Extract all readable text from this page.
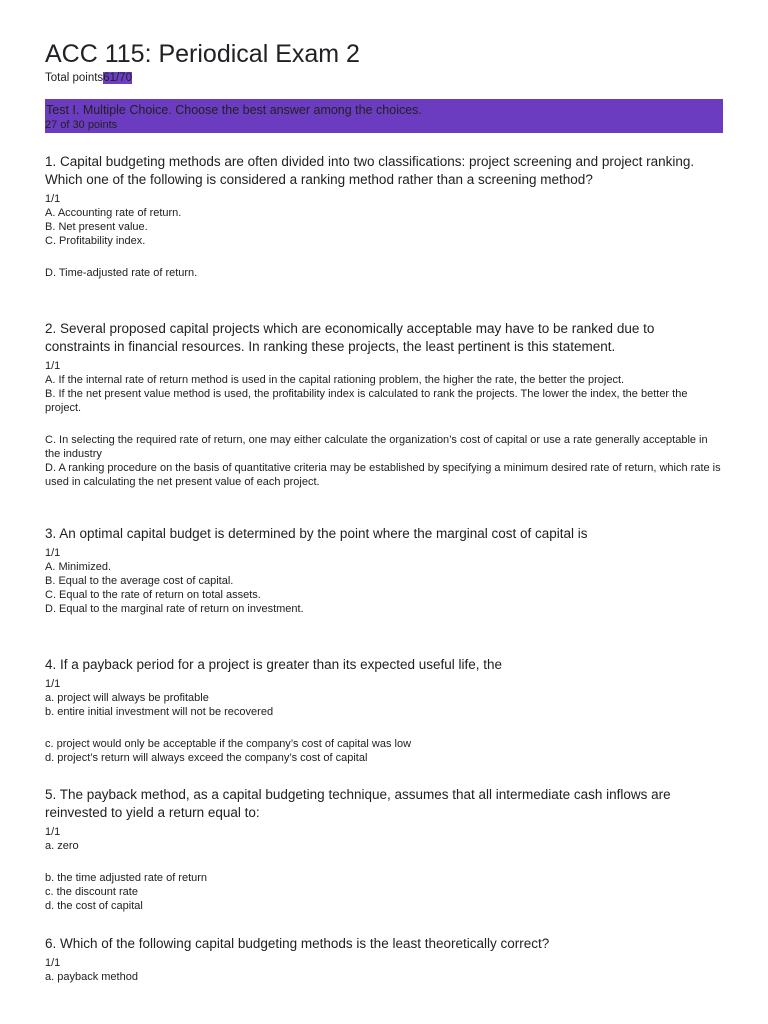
ACC 115: Periodical Exam 2
Total points61/70
Test I. Multiple Choice. Choose the best answer among the choices.
27 of 30 points

1. Capital budgeting methods are often divided into two classifications: project screening and project ranking. Which one of the following is considered a ranking method rather than a screening method?

1/1
A. Accounting rate of return.
B. Net present value.
C. Profitability index.
D. Time-adjusted rate of return.

2. Several proposed capital projects which are economically acceptable may have to be ranked due to constraints in financial resources. In ranking these projects, the least pertinent is this statement.

1/1
A. If the internal rate of return method is used in the capital rationing problem, the higher the rate, the better the project.
B. If the net present value method is used, the profitability index is calculated to rank the projects. The lower the index, the better the project.
C. In selecting the required rate of return, one may either calculate the organization’s cost of capital or use a rate generally acceptable in the industry
D. A ranking procedure on the basis of quantitative criteria may be established by specifying a minimum desired rate of return, which rate is used in calculating the net present value of each project.

3. An optimal capital budget is determined by the point where the marginal cost of capital is

1/1
A. Minimized.
B. Equal to the average cost of capital.
C. Equal to the rate of return on total assets.
D. Equal to the marginal rate of return on investment.

4. If a payback period for a project is greater than its expected useful life, the

1/1
a. project will always be profitable
b. entire initial investment will not be recovered
c. project would only be acceptable if the company’s cost of capital was low
d. project’s return will always exceed the company’s cost of capital

5. The payback method, as a capital budgeting technique, assumes that all intermediate cash inflows are reinvested to yield a return equal to:

1/1
a. zero
b. the time adjusted rate of return
c. the discount rate
d. the cost of capital

6. Which of the following capital budgeting methods is the least theoretically correct?

1/1
a. payback method
